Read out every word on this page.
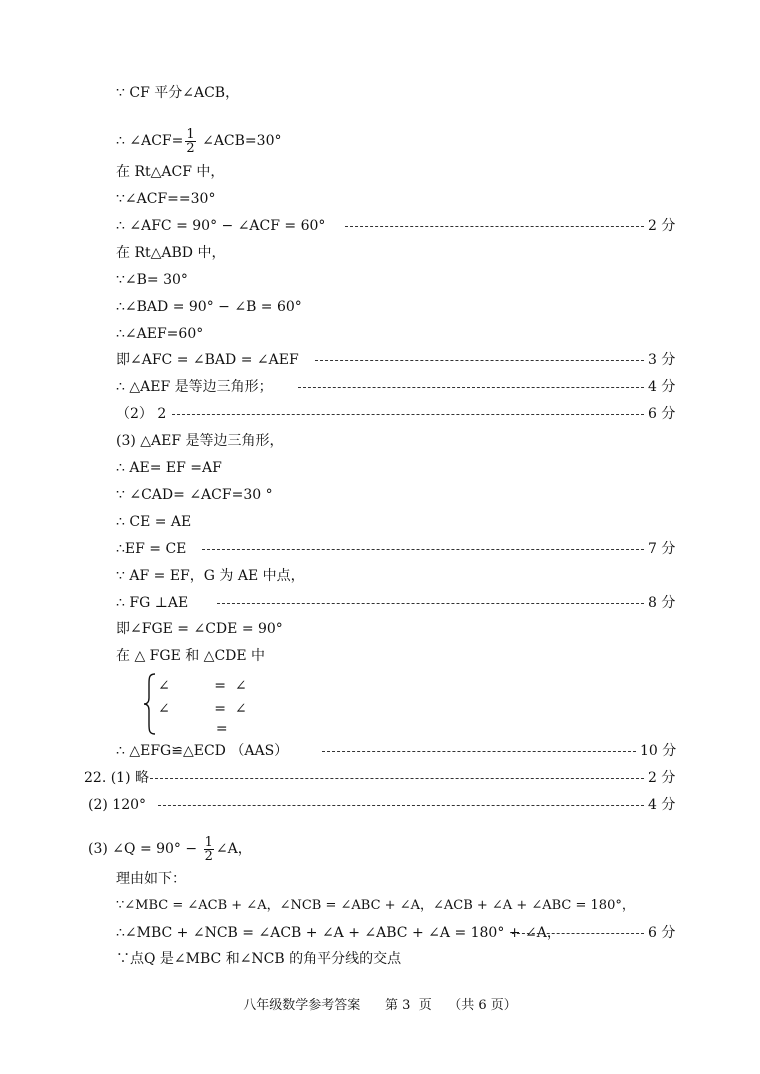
∵ CF 平分∠ACB，
∴ ∠ACF= $\frac{1}{2}$ ∠ACB=30°
在 Rt△ACF 中，
∵∠ACF==30°
∴ ∠AFC = 90° − ∠ACF = 60°	2 分
在 Rt△ABD 中，
∵∠B= 30°
∴∠BAD = 90° − ∠B = 60°
∴∠AEF=60°
即∠AFC = ∠BAD = ∠AEF	3 分
∴ △AEF 是等边三角形；	4 分
（2） 2	6 分
(3) △AEF 是等边三角形，
∴ AE= EF =AF
∵ ∠CAD= ∠ACF=30 °
∴ CE = AE
∴EF = CE	7 分
∵ AF = EF，G 为 AE 中点，
∴ FG ⊥AE	8 分
即∠FGE = ∠CDE = 90°
在 △ FGE 和 △CDE 中
∴ △EFG≌△ECD （AAS）	10 分
22. (1) 略	2 分
(2) 120°	4 分
(3) ∠Q = $90^\circ - \frac{1}{2}$ ∠A，
理由如下：
∵∠MBC = ∠ACB + ∠A，∠NCB = ∠ABC + ∠A，∠ACB + ∠A + ∠ABC = 180°，
∴∠MBC + ∠NCB = ∠ACB + ∠A + ∠ABC + ∠A = 180° + ∠A，	6 分
∵点Q 是∠MBC 和∠NCB 的角平分线的交点
∠          =  ∠
∠          =  ∠
=
八年级数学参考答案      第 3  页    （共 6 页）
